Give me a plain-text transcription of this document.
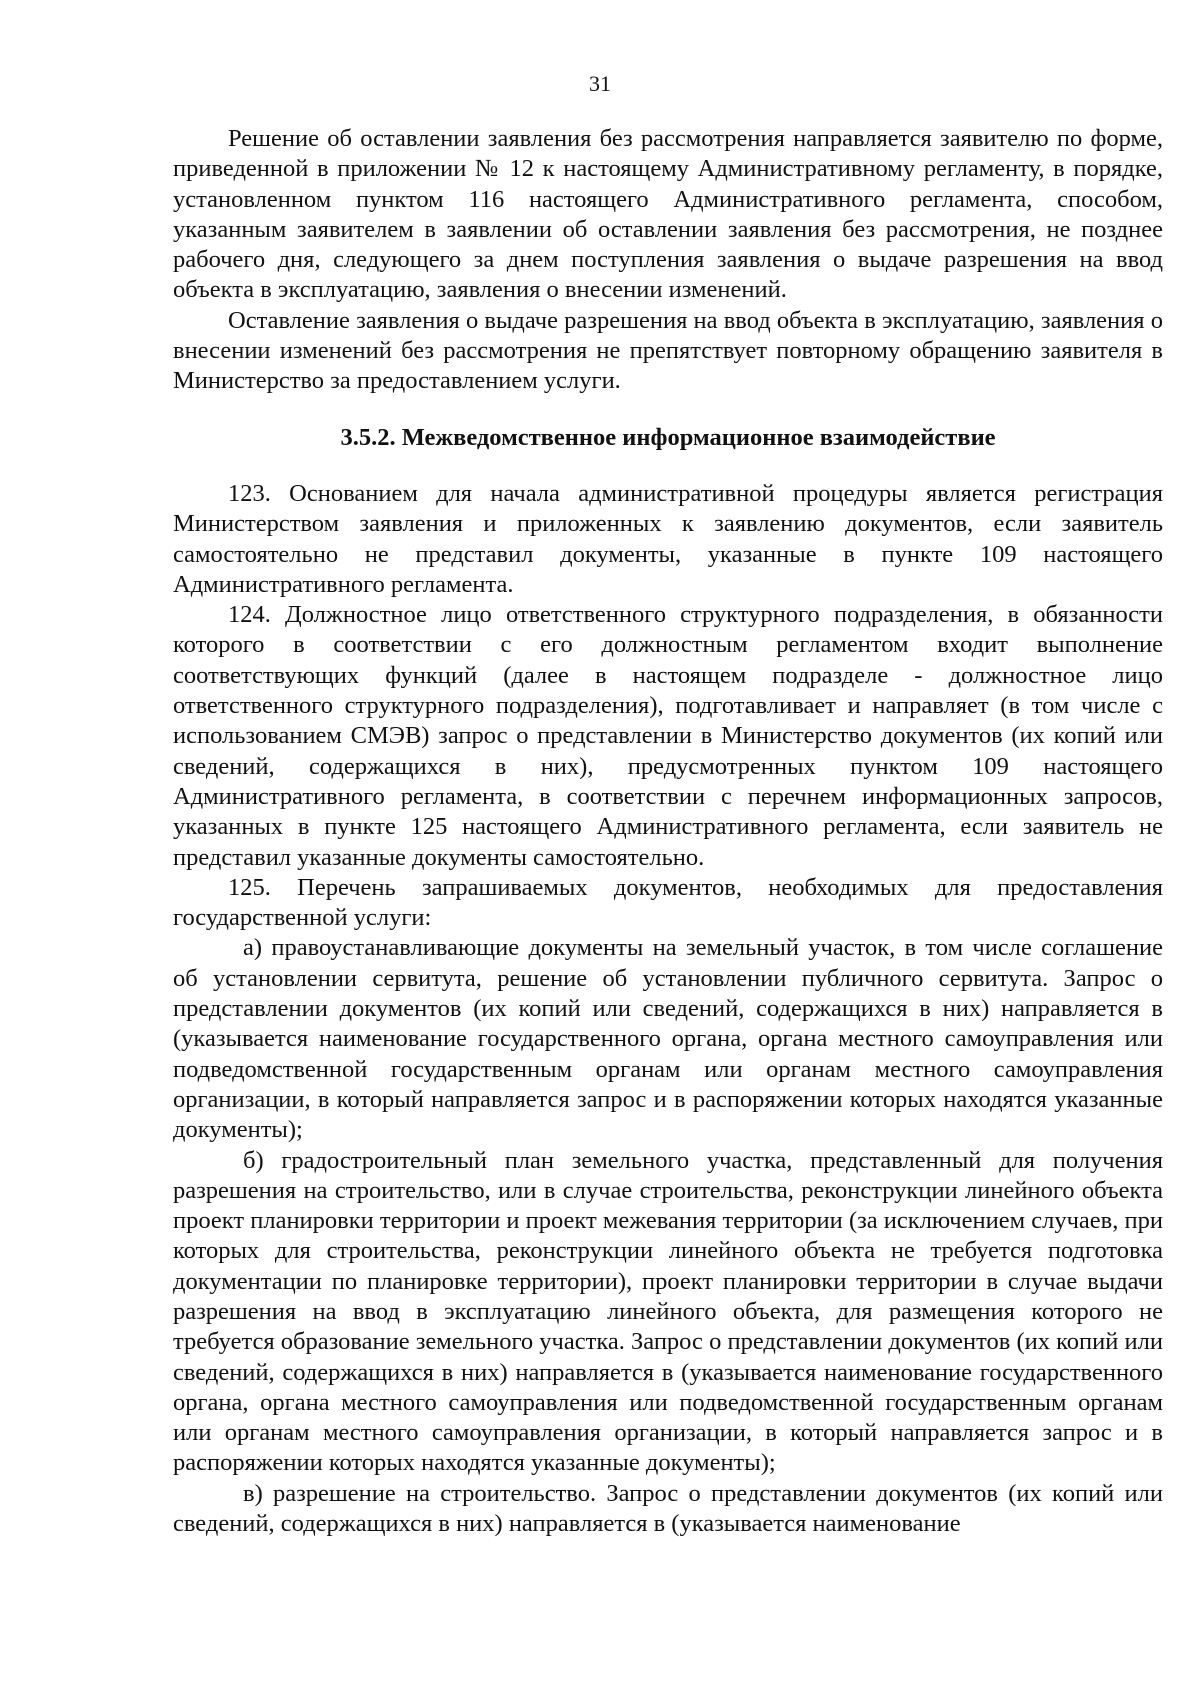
31

Решение об оставлении заявления без рассмотрения направляется заявителю по форме, приведенной в приложении № 12 к настоящему Административному регламенту, в порядке, установленном пунктом 116 настоящего Административного регламента, способом, указанным заявителем в заявлении об оставлении заявления без рассмотрения, не позднее рабочего дня, следующего за днем поступления заявления о выдаче разрешения на ввод объекта в эксплуатацию, заявления о внесении изменений.

Оставление заявления о выдаче разрешения на ввод объекта в эксплуатацию, заявления о внесении изменений без рассмотрения не препятствует повторному обращению заявителя в Министерство за предоставлением услуги.

3.5.2. Межведомственное информационное взаимодействие

123. Основанием для начала административной процедуры является регистрация Министерством заявления и приложенных к заявлению документов, если заявитель самостоятельно не представил документы, указанные в пункте 109 настоящего Административного регламента.

124. Должностное лицо ответственного структурного подразделения, в обязанности которого в соответствии с его должностным регламентом входит выполнение соответствующих функций (далее в настоящем подразделе - должностное лицо ответственного структурного подразделения), подготавливает и направляет (в том числе с использованием СМЭВ) запрос о представлении в Министерство документов (их копий или сведений, содержащихся в них), предусмотренных пунктом 109 настоящего Административного регламента, в соответствии с перечнем информационных запросов, указанных в пункте 125 настоящего Административного регламента, если заявитель не представил указанные документы самостоятельно.

125. Перечень запрашиваемых документов, необходимых для предоставления государственной услуги:

а) правоустанавливающие документы на земельный участок, в том числе соглашение об установлении сервитута, решение об установлении публичного сервитута. Запрос о представлении документов (их копий или сведений, содержащихся в них) направляется в (указывается наименование государственного органа, органа местного самоуправления или подведомственной государственным органам или органам местного самоуправления организации, в который направляется запрос и в распоряжении которых находятся указанные документы);

б) градостроительный план земельного участка, представленный для получения разрешения на строительство, или в случае строительства, реконструкции линейного объекта проект планировки территории и проект межевания территории (за исключением случаев, при которых для строительства, реконструкции линейного объекта не требуется подготовка документации по планировке территории), проект планировки территории в случае выдачи разрешения на ввод в эксплуатацию линейного объекта, для размещения которого не требуется образование земельного участка. Запрос о представлении документов (их копий или сведений, содержащихся в них) направляется в (указывается наименование государственного органа, органа местного самоуправления или подведомственной государственным органам или органам местного самоуправления организации, в который направляется запрос и в распоряжении которых находятся указанные документы);

в) разрешение на строительство. Запрос о представлении документов (их копий или сведений, содержащихся в них) направляется в (указывается наименование
